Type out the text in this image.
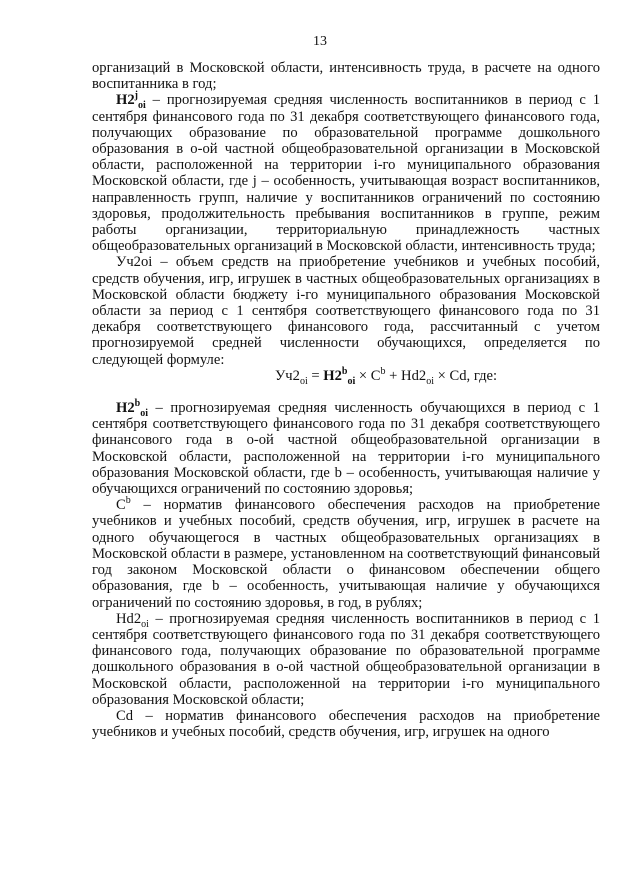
13

организаций в Московской области, интенсивность труда, в расчете на одного воспитанника в год;

$Н2^j_{oi}$ – прогнозируемая средняя численность воспитанников в период с 1 сентября финансового года по 31 декабря соответствующего финансового года, получающих образование по образовательной программе дошкольного образования в о-ой частной общеобразовательной организации в Московской области, расположенной на территории i-го муниципального образования Московской области, где j – особенность, учитывающая возраст воспитанников, направленность групп, наличие у воспитанников ограничений по состоянию здоровья, продолжительность пребывания воспитанников в группе, режим работы организации, территориальную принадлежность частных общеобразовательных организаций в Московской области, интенсивность труда;

Уч2oi – объем средств на приобретение учебников и учебных пособий, средств обучения, игр, игрушек в частных общеобразовательных организациях в Московской области бюджету i-го муниципального образования Московской области за период с 1 сентября соответствующего финансового года по 31 декабря соответствующего финансового года, рассчитанный с учетом прогнозируемой средней численности обучающихся, определяется по следующей формуле:

$Уч2_{oi} = Н2^b_{oi} \times С^b + Hd2_{oi} \times Cd$, где:

$Н2^b_{oi}$ – прогнозируемая средняя численность обучающихся в период с 1 сентября соответствующего финансового года по 31 декабря соответствующего финансового года в о-ой частной общеобразовательной организации в Московской области, расположенной на территории i-го муниципального образования Московской области, где b – особенность, учитывающая наличие у обучающихся ограничений по состоянию здоровья;

$С^b$ – норматив финансового обеспечения расходов на приобретение учебников и учебных пособий, средств обучения, игр, игрушек в расчете на одного обучающегося в частных общеобразовательных организациях в Московской области в размере, установленном на соответствующий финансовый год законом Московской области о финансовом обеспечении общего образования, где b – особенность, учитывающая наличие у обучающихся ограничений по состоянию здоровья, в год, в рублях;

$Hd2_{oi}$ – прогнозируемая средняя численность воспитанников в период с 1 сентября соответствующего финансового года по 31 декабря соответствующего финансового года, получающих образование по образовательной программе дошкольного образования в о-ой частной общеобразовательной организации в Московской области, расположенной на территории i-го муниципального образования Московской области;

Cd – норматив финансового обеспечения расходов на приобретение учебников и учебных пособий, средств обучения, игр, игрушек на одного
